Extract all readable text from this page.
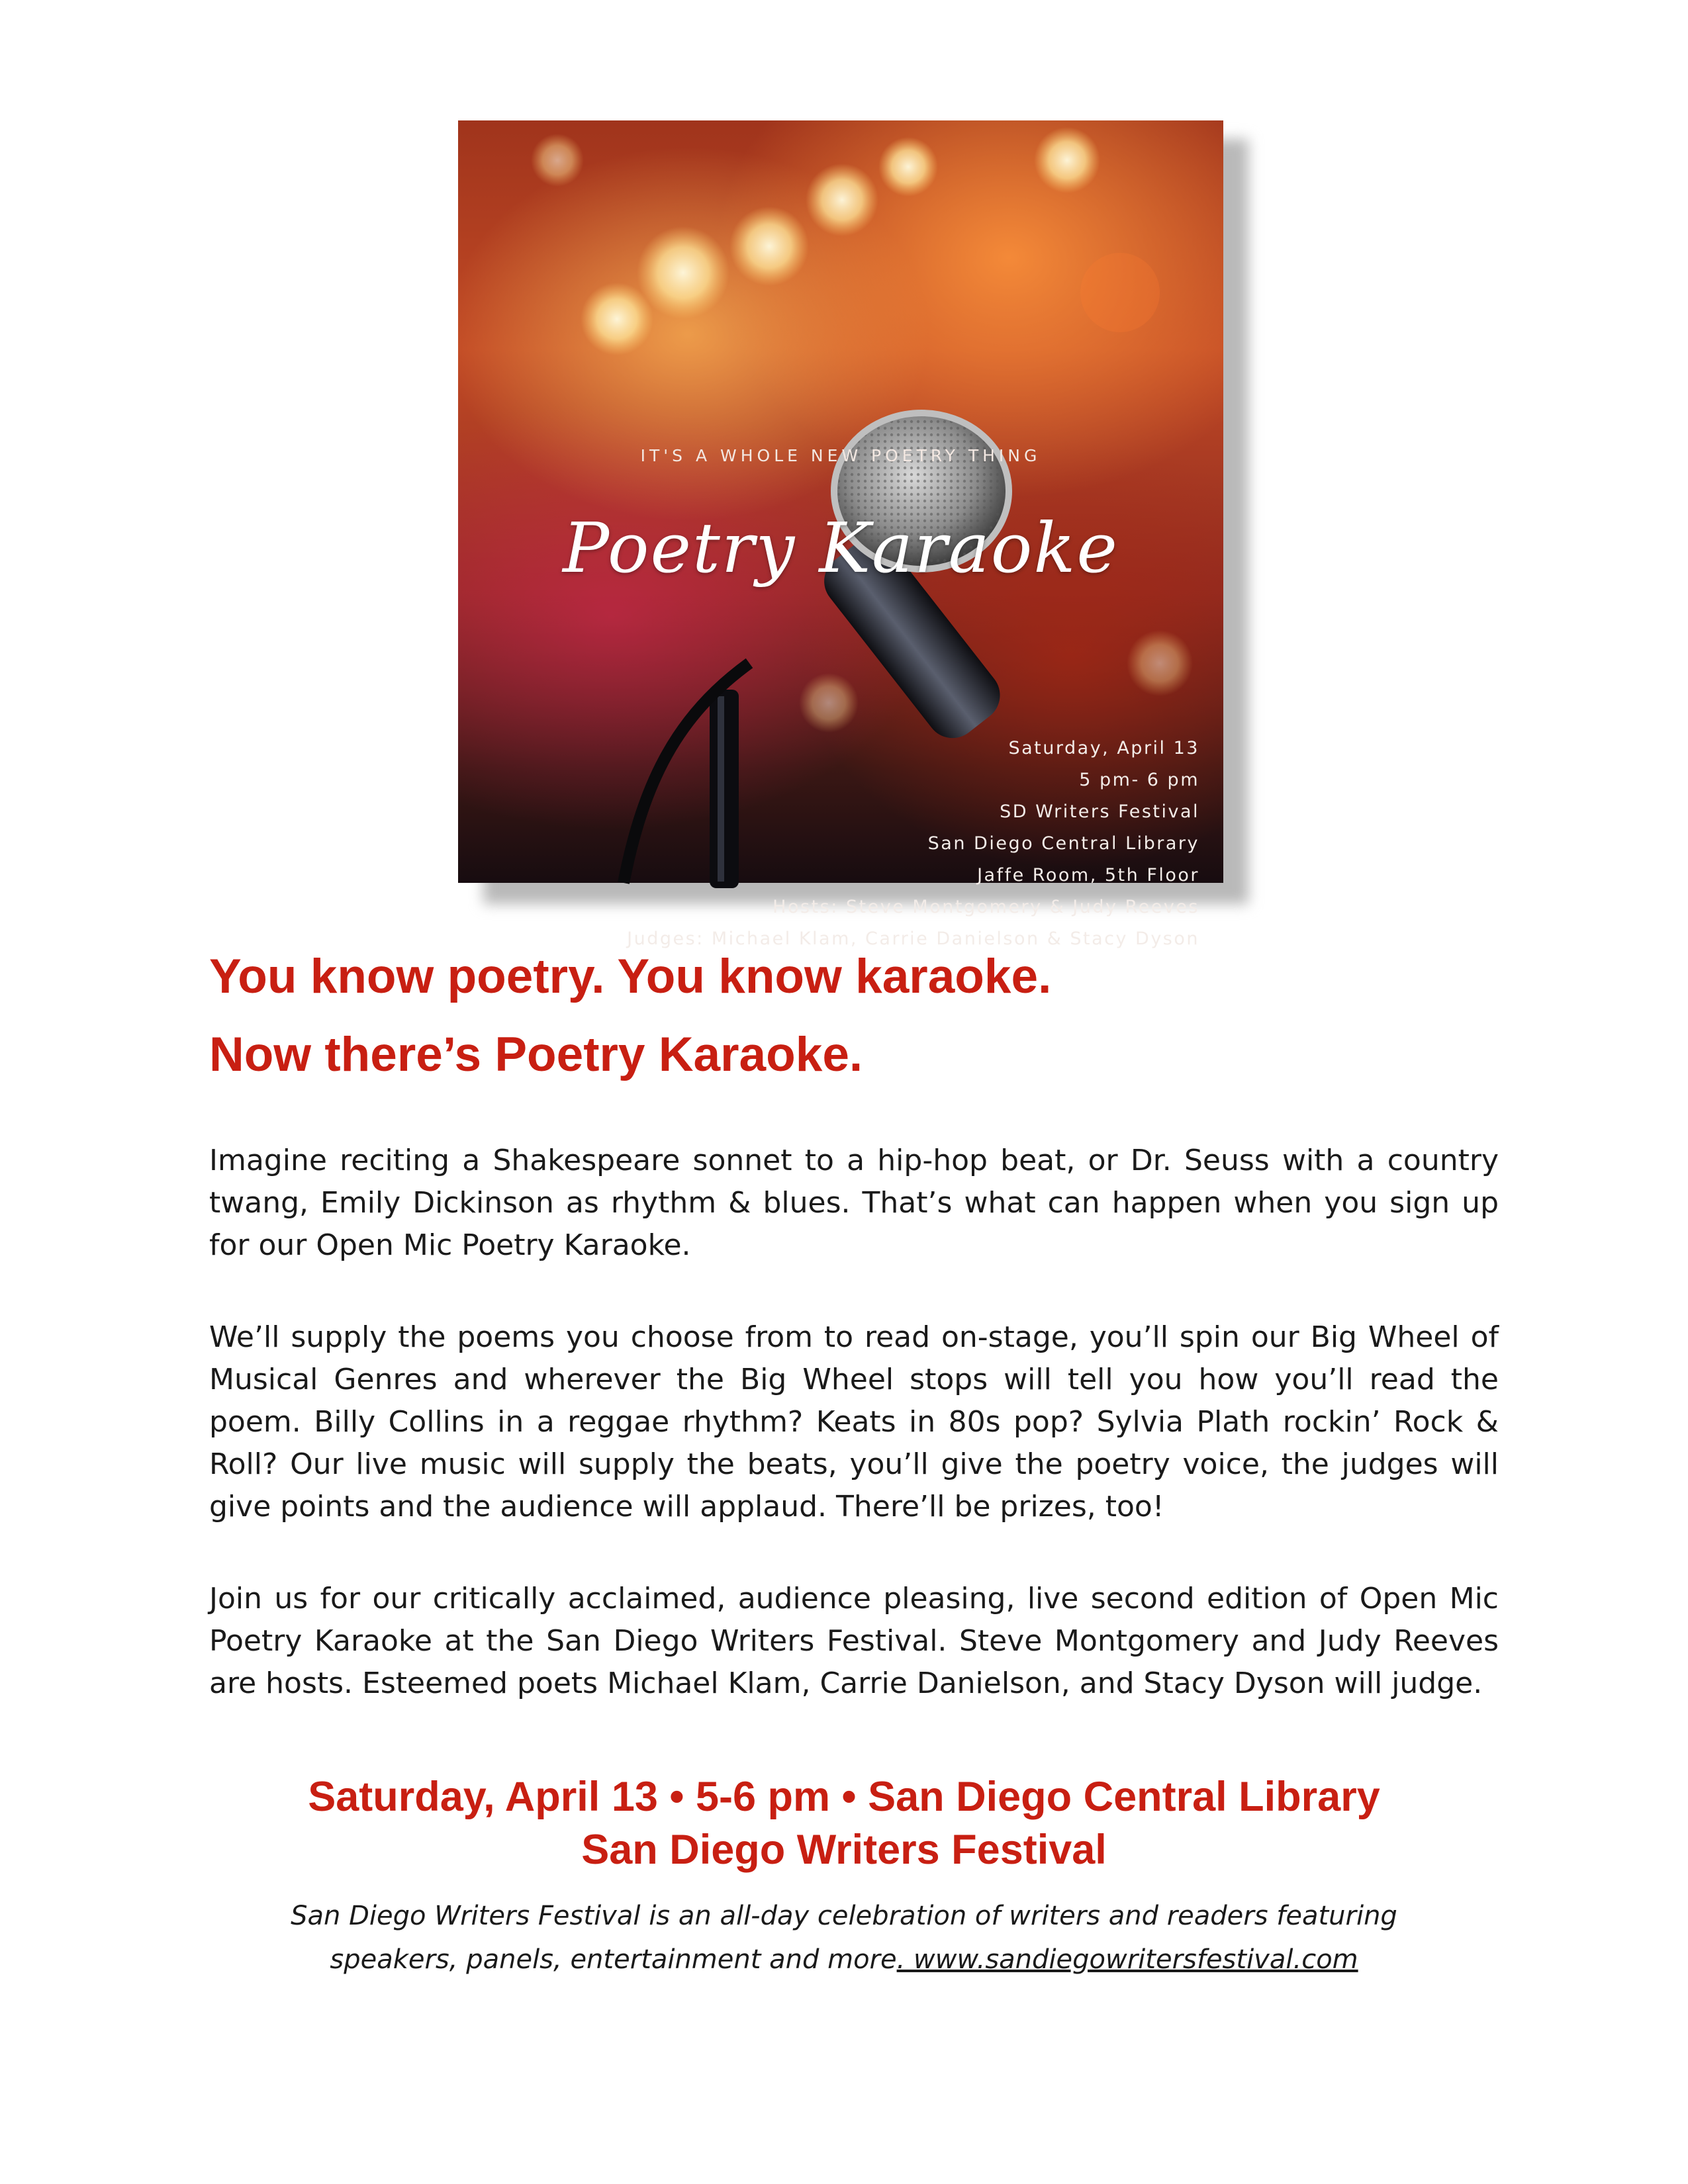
IT'S A WHOLE NEW POETRY THING
Poetry Karaoke
Saturday, April 13
5 pm- 6 pm
SD Writers Festival
San Diego Central Library
Jaffe Room, 5th Floor
Hosts: Steve Montgomery & Judy Reeves
Judges: Michael Klam, Carrie Danielson & Stacy Dyson
You know poetry. You know karaoke.
Now there’s Poetry Karaoke.
Imagine reciting a Shakespeare sonnet to a hip-hop beat, or Dr. Seuss with a country twang, Emily Dickinson as rhythm & blues. That’s what can happen when you sign up for our Open Mic Poetry Karaoke.
We’ll supply the poems you choose from to read on-stage, you’ll spin our Big Wheel of Musical Genres and wherever the Big Wheel stops will tell you how you’ll read the poem. Billy Collins in a reggae rhythm? Keats in 80s pop? Sylvia Plath rockin’ Rock & Roll? Our live music will supply the beats, you’ll give the poetry voice, the judges will give points and the audience will applaud. There’ll be prizes, too!
Join us for our critically acclaimed, audience pleasing, live second edition of Open Mic Poetry Karaoke at the San Diego Writers Festival. Steve Montgomery and Judy Reeves are hosts. Esteemed poets Michael Klam, Carrie Danielson, and Stacy Dyson will judge.
Saturday, April 13 • 5-6 pm • San Diego Central Library
San Diego Writers Festival
San Diego Writers Festival is an all-day celebration of writers and readers featuring
speakers, panels, entertainment and more. www.sandiegowritersfestival.com
